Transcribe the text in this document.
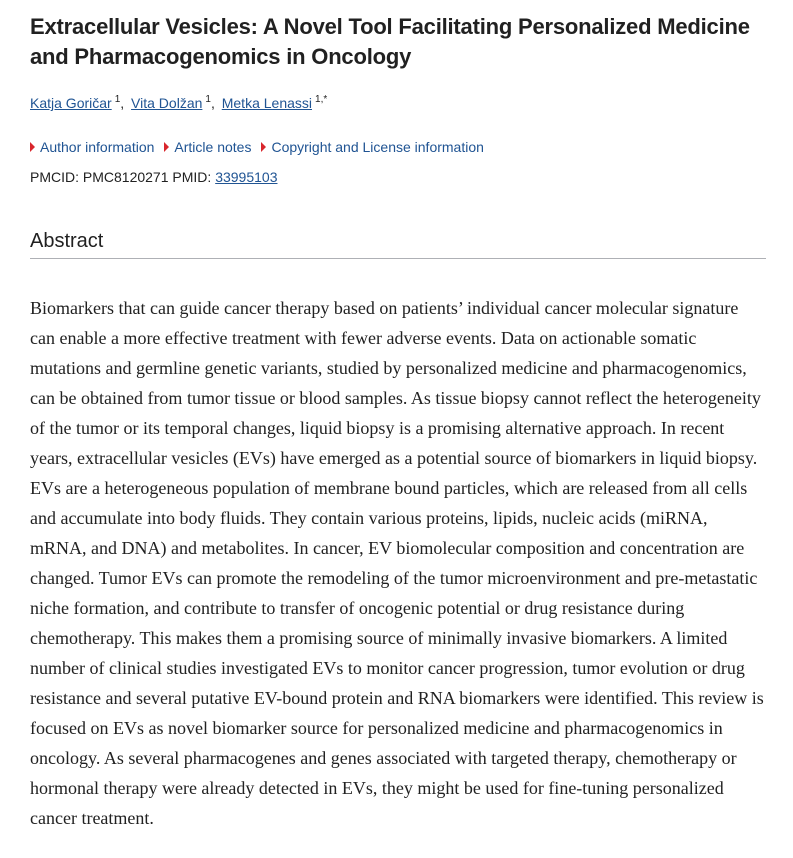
Extracellular Vesicles: A Novel Tool Facilitating Personalized Medicine and Pharmacogenomics in Oncology
Katja Goričar $^1$, Vita Dolžan $^1$, Metka Lenassi $^{1,*}$
Author information Article notes Copyright and License information
PMCID: PMC8120271 PMID: 33995103
Abstract

Biomarkers that can guide cancer therapy based on patients’ individual cancer molecular signature can enable a more effective treatment with fewer adverse events. Data on actionable somatic mutations and germline genetic variants, studied by personalized medicine and pharmacogenomics, can be obtained from tumor tissue or blood samples. As tissue biopsy cannot reflect the heterogeneity of the tumor or its temporal changes, liquid biopsy is a promising alternative approach. In recent years, extracellular vesicles (EVs) have emerged as a potential source of biomarkers in liquid biopsy. EVs are a heterogeneous population of membrane bound particles, which are released from all cells and accumulate into body fluids. They contain various proteins, lipids, nucleic acids (miRNA, mRNA, and DNA) and metabolites. In cancer, EV biomolecular composition and concentration are changed. Tumor EVs can promote the remodeling of the tumor microenvironment and pre-metastatic niche formation, and contribute to transfer of oncogenic potential or drug resistance during chemotherapy. This makes them a promising source of minimally invasive biomarkers. A limited number of clinical studies investigated EVs to monitor cancer progression, tumor evolution or drug resistance and several putative EV-bound protein and RNA biomarkers were identified. This review is focused on EVs as novel biomarker source for personalized medicine and pharmacogenomics in oncology. As several pharmacogenes and genes associated with targeted therapy, chemotherapy or hormonal therapy were already detected in EVs, they might be used for fine-tuning personalized cancer treatment.
